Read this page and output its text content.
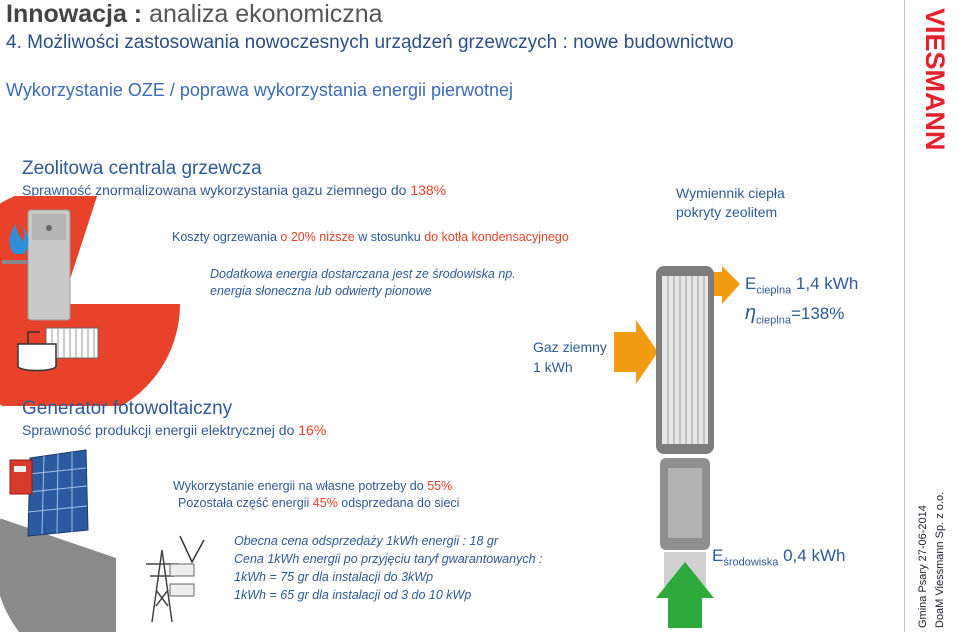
Innowacja : analiza ekonomiczna
4. Możliwości zastosowania nowoczesnych urządzeń grzewczych : nowe budownictwo
Wykorzystanie OZE / poprawa wykorzystania energii pierwotnej	VIESMANN
Gmina Psary 27-06-2014 DoaM Viessmann Sp. z o.o.
Zeolitowa centrala grzewcza
Sprawność znormalizowana wykorzystania gazu ziemnego do 138%
Koszty ogrzewania o 20% niższe w stosunku do kotła kondensacyjnego
Dodatkowa energia dostarczana jest ze środowiska np.
energia słoneczna lub odwierty pionowe
Wymiennik ciepła
pokryty zeolitem
Gaz ziemny
1 kWh
$E_{cieplna}$ 1,4 kWh
$\eta_{cieplna}=138\%$
$E_{środowiska}$ 0,4 kWh
Generator fotowoltaiczny
Sprawność produkcji energii elektrycznej do 16%
Wykorzystanie energii na własne potrzeby do 55%
Pozostała część energii 45% odsprzedana do sieci
Obecna cena odsprzedaży 1kWh energii : 18 gr
Cena 1kWh energii po przyjęciu taryf gwarantowanych :
1kWh = 75 gr dla instalacji do 3kWp
1kWh = 65 gr dla instalacji od 3 do 10 kWp
